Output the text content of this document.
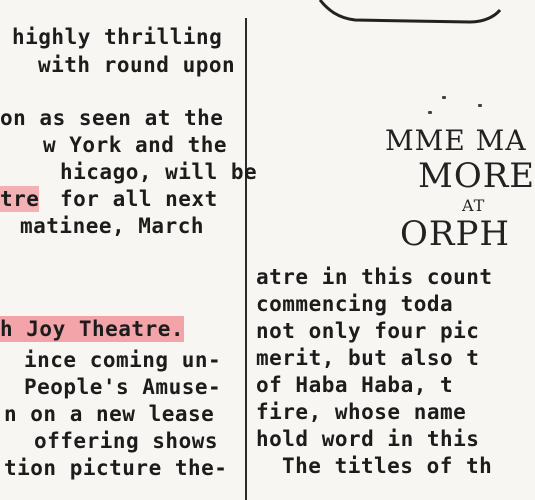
highly thrilling
with round upon
on as seen at the
w York and the
hicago, will be
tre for all next
matinee, March
h Joy Theatre.
ince coming un-
People's Amuse-
n on a new lease
offering shows
tion picture the-
MME MA
MORE
AT
ORPH
atre in this count
commencing toda
not only four pic
merit, but also t
of Haba Haba, t
fire, whose name
hold word in this
The titles of th
